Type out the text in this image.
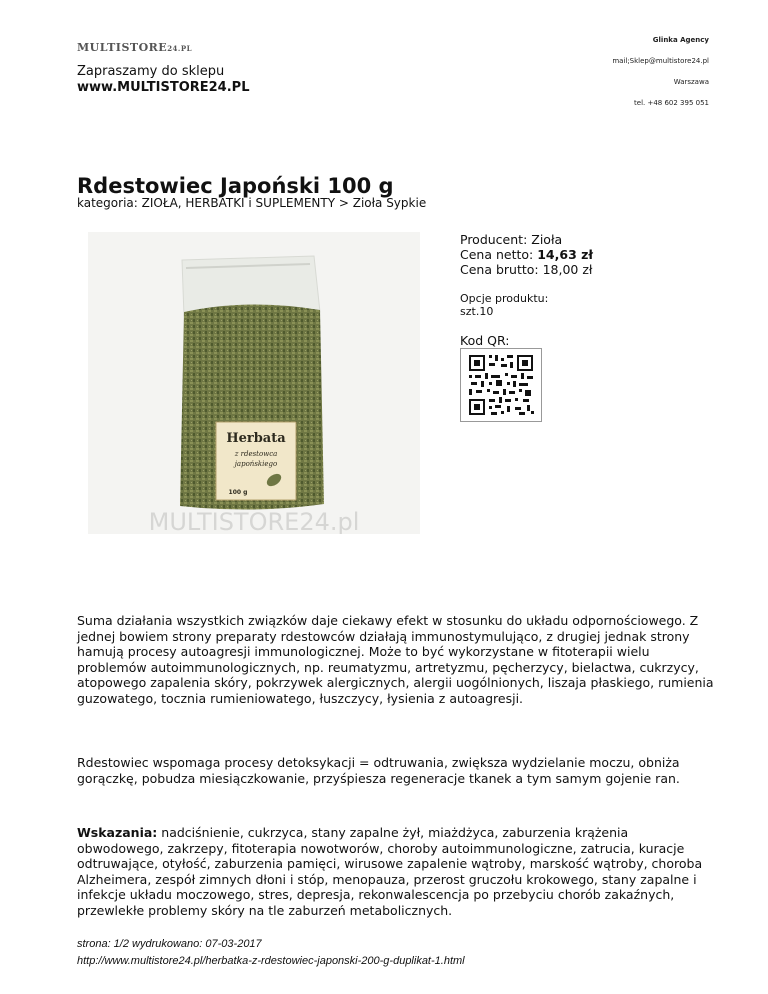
MULTISTORE24.PL
Zapraszamy do sklepu
www.MULTISTORE24.PL
Glinka Agency
mail;Sklep@multistore24.pl
Warszawa
tel. +48 602 395 051
Rdestowiec Japoński 100 g
kategoria: ZIOŁA, HERBATKI i SUPLEMENTY > Zioła Sypkie
Herbata
z rdestowca
japońskiego
100 g
MULTISTORE24.pl
Producent: Zioła
Cena netto: 14,63 zł
Cena brutto: 18,00 zł
Opcje produktu:
szt.10
Kod QR:

Suma działania wszystkich związków daje ciekawy efekt w stosunku do układu odpornościowego. Z jednej bowiem strony preparaty rdestowców działają immunostymulująco, z drugiej jednak strony hamują procesy autoagresji immunologicznej. Może to być wykorzystane w fitoterapii wielu problemów autoimmunologicznych, np. reumatyzmu, artretyzmu, pęcherzycy, bielactwa, cukrzycy, atopowego zapalenia skóry, pokrzywek alergicznych, alergii uogólnionych, liszaja płaskiego, rumienia guzowatego, tocznia rumieniowatego, łuszczycy, łysienia z autoagresji.

Rdestowiec wspomaga procesy detoksykacji = odtruwania, zwiększa wydzielanie moczu, obniża gorączkę, pobudza miesiączkowanie, przyśpiesza regeneracje tkanek a tym samym gojenie ran.

Wskazania: nadciśnienie, cukrzyca, stany zapalne żył, miażdżyca, zaburzenia krążenia obwodowego, zakrzepy, fitoterapia nowotworów, choroby autoimmunologiczne, zatrucia, kuracje odtruwające, otyłość, zaburzenia pamięci, wirusowe zapalenie wątroby, marskość wątroby, choroba Alzheimera, zespół zimnych dłoni i stóp, menopauza, przerost gruczołu krokowego, stany zapalne i infekcje układu moczowego, stres, depresja, rekonwalescencja po przebyciu chorób zakaźnych, przewlekłe problemy skóry na tle zaburzeń metabolicznych.

strona: 1/2 wydrukowano: 07-03-2017
http://www.multistore24.pl/herbatka-z-rdestowiec-japonski-200-g-duplikat-1.html
